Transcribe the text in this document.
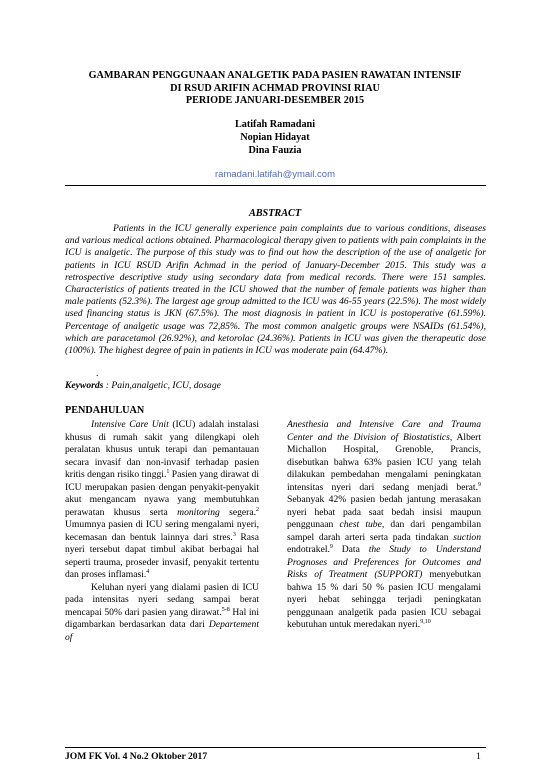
GAMBARAN PENGGUNAAN ANALGETIK PADA PASIEN RAWATAN INTENSIF
DI RSUD ARIFIN ACHMAD PROVINSI RIAU
PERIODE JANUARI-DESEMBER 2015
Latifah Ramadani
Nopian Hidayat
Dina Fauzia
ramadani.latifah@ymail.com
ABSTRACT
Patients in the ICU generally experience pain complaints due to various conditions, diseases and various medical actions obtained. Pharmacological therapy given to patients with pain complaints in the ICU is analgetic. The purpose of this study was to find out how the description of the use of analgetic for patients in ICU RSUD Arifin Achmad in the period of January-December 2015. This study was a retrospective descriptive study using secondary data from medical records. There were 151 samples. Characteristics of patients treated in the ICU showed that the number of female patients was higher than male patients (52.3%). The largest age group admitted to the ICU was 46-55 years (22.5%). The most widely used financing status is JKN (67.5%). The most diagnosis in patient in ICU is postoperative (61.59%). Percentage of analgetic usage was 72,85%. The most common analgetic groups were NSAIDs (61.54%), which are paracetamol (26.92%), and ketorolac (24.36%). Patients in ICU was given the therapeutic dose (100%). The highest degree of pain in patients in ICU was moderate pain (64.47%).
.
Keywords : Pain,analgetic, ICU, dosage
PENDAHULUAN

Intensive Care Unit (ICU) adalah instalasi khusus di rumah sakit yang dilengkapi oleh peralatan khusus untuk terapi dan pemantauan secara invasif dan non-invasif terhadap pasien kritis dengan risiko tinggi.$^1$ Pasien yang dirawat di ICU merupakan pasien dengan penyakit-penyakit akut mengancam nyawa yang membutuhkan perawatan khusus serta monitoring segera.$^2$ Umumnya pasien di ICU sering mengalami nyeri, kecemasan dan bentuk lainnya dari stres.$^3$ Rasa nyeri tersebut dapat timbul akibat berbagai hal seperti trauma, proseder invasif, penyakit tertentu dan proses inflamasi.$^4$

Keluhan nyeri yang dialami pasien di ICU pada intensitas nyeri sedang sampai berat mencapai 50% dari pasien yang dirawat.$^{5-8}$ Hal ini digambarkan berdasarkan data dari Departement of

Anesthesia and Intensive Care and Trauma Center and the Division of Biostatistics, Albert Michallon Hospital, Grenoble, Prancis, disebutkan bahwa 63% pasien ICU yang telah dilakukan pembedahan mengalami peningkatan intensitas nyeri dari sedang menjadi berat.$^9$ Sebanyak 42% pasien bedah jantung merasakan nyeri hebat pada saat bedah insisi maupun penggunaan chest tube, dan dari pengambilan sampel darah arteri serta pada tindakan suction endotrakel.$^9$ Data the Study to Understand Prognoses and Preferences for Outcomes and Risks of Treatment (SUPPORT) menyebutkan bahwa 15 % dari 50 % pasien ICU mengalami nyeri hebat sehingga terjadi peningkatan penggunaan analgetik pada pasien ICU sebagai kebutuhan untuk meredakan nyeri.$^{9,10}$

JOM FK Vol. 4 No.2 Oktober 2017	1
